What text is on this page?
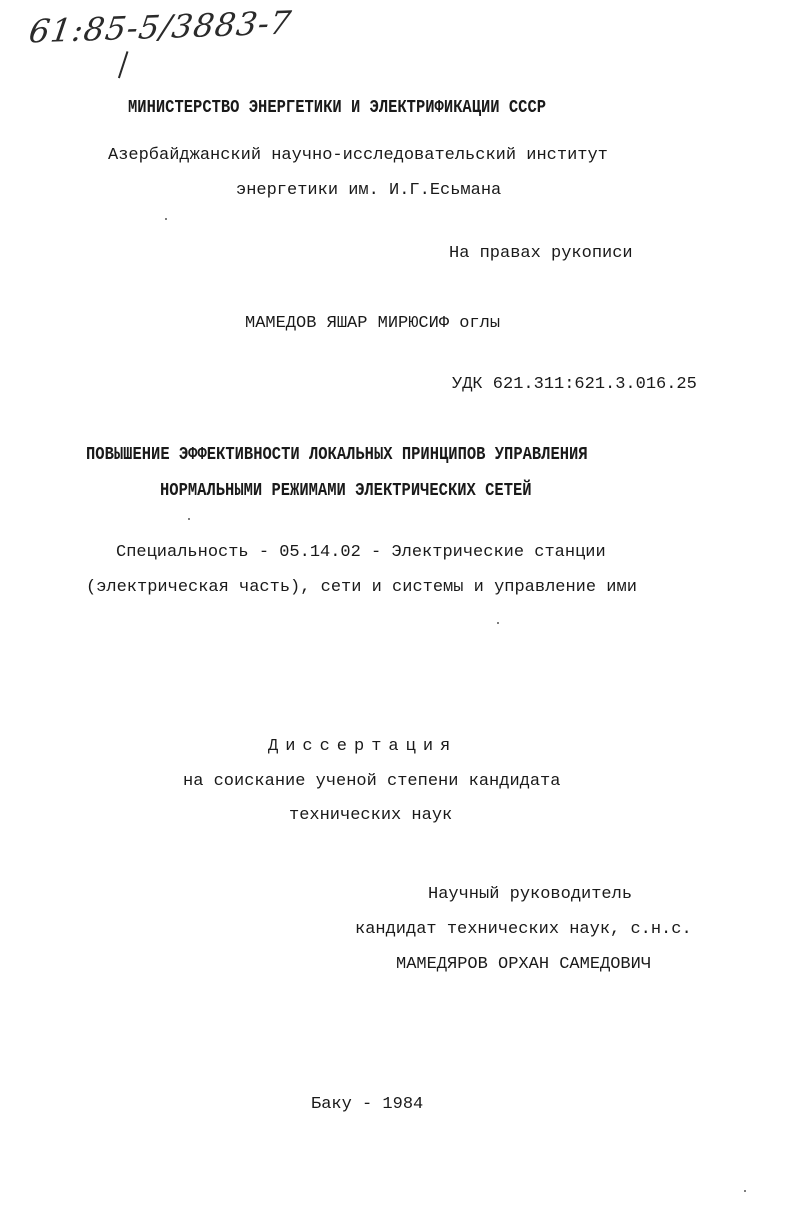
61:85-5/3883-7
МИНИСТЕРСТВО ЭНЕРГЕТИКИ И ЭЛЕКТРИФИКАЦИИ СССР
Азербайджанский научно-исследовательский институт
энергетики им. И.Г.Есьмана
На правах рукописи
МАМЕДОВ ЯШАР МИРЮСИФ оглы
УДК 621.311:621.3.016.25
ПОВЫШЕНИЕ ЭФФЕКТИВНОСТИ ЛОКАЛЬНЫХ ПРИНЦИПОВ УПРАВЛЕНИЯ
НОРМАЛЬНЫМИ РЕЖИМАМИ ЭЛЕКТРИЧЕСКИХ СЕТЕЙ
Специальность - 05.14.02 - Электрические станции
(электрическая часть), сети и системы и управление ими
Диссертация
на соискание ученой степени кандидата
технических наук
Научный руководитель
кандидат технических наук, с.н.с.
МАМЕДЯРОВ ОРХАН САМЕДОВИЧ
Баку - 1984
